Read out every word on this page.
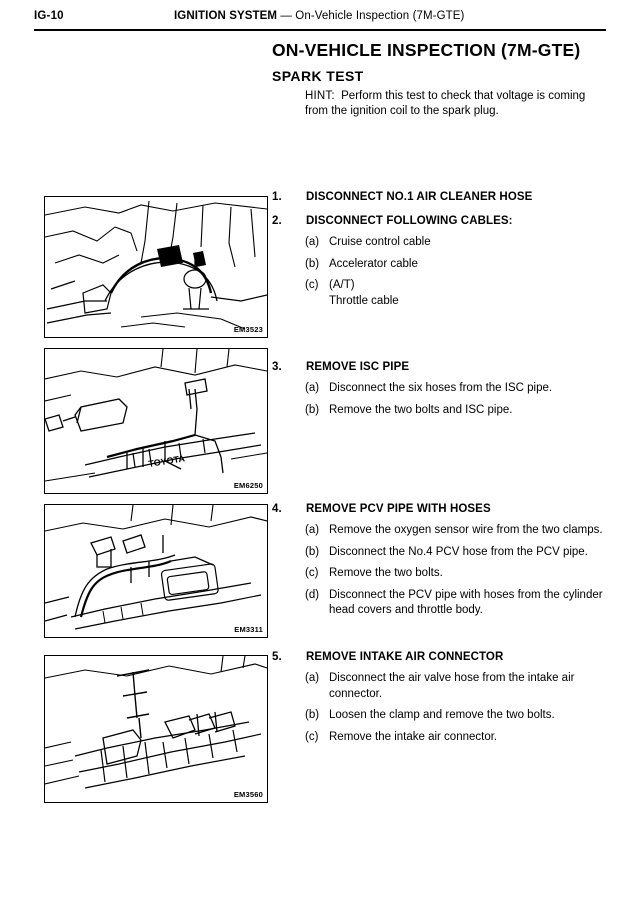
IG-10	IGNITION SYSTEM — On-Vehicle Inspection (7M-GTE)
ON-VEHICLE INSPECTION (7M-GTE)
SPARK TEST
HINT: Perform this test to check that voltage is coming from the ignition coil to the spark plug.
EM3523
TOYOTA
EM6250
EM3311
EM3560
1. DISCONNECT NO.1 AIR CLEANER HOSE
2. DISCONNECT FOLLOWING CABLES:
(a) Cruise control cable
(b) Accelerator cable
(c) (A/T)
Throttle cable
3. REMOVE ISC PIPE
(a) Disconnect the six hoses from the ISC pipe.
(b) Remove the two bolts and ISC pipe.
4. REMOVE PCV PIPE WITH HOSES
(a) Remove the oxygen sensor wire from the two clamps.
(b) Disconnect the No.4 PCV hose from the PCV pipe.
(c) Remove the two bolts.
(d) Disconnect the PCV pipe with hoses from the cylinder head covers and throttle body.
5. REMOVE INTAKE AIR CONNECTOR
(a) Disconnect the air valve hose from the intake air connector.
(b) Loosen the clamp and remove the two bolts.
(c) Remove the intake air connector.
